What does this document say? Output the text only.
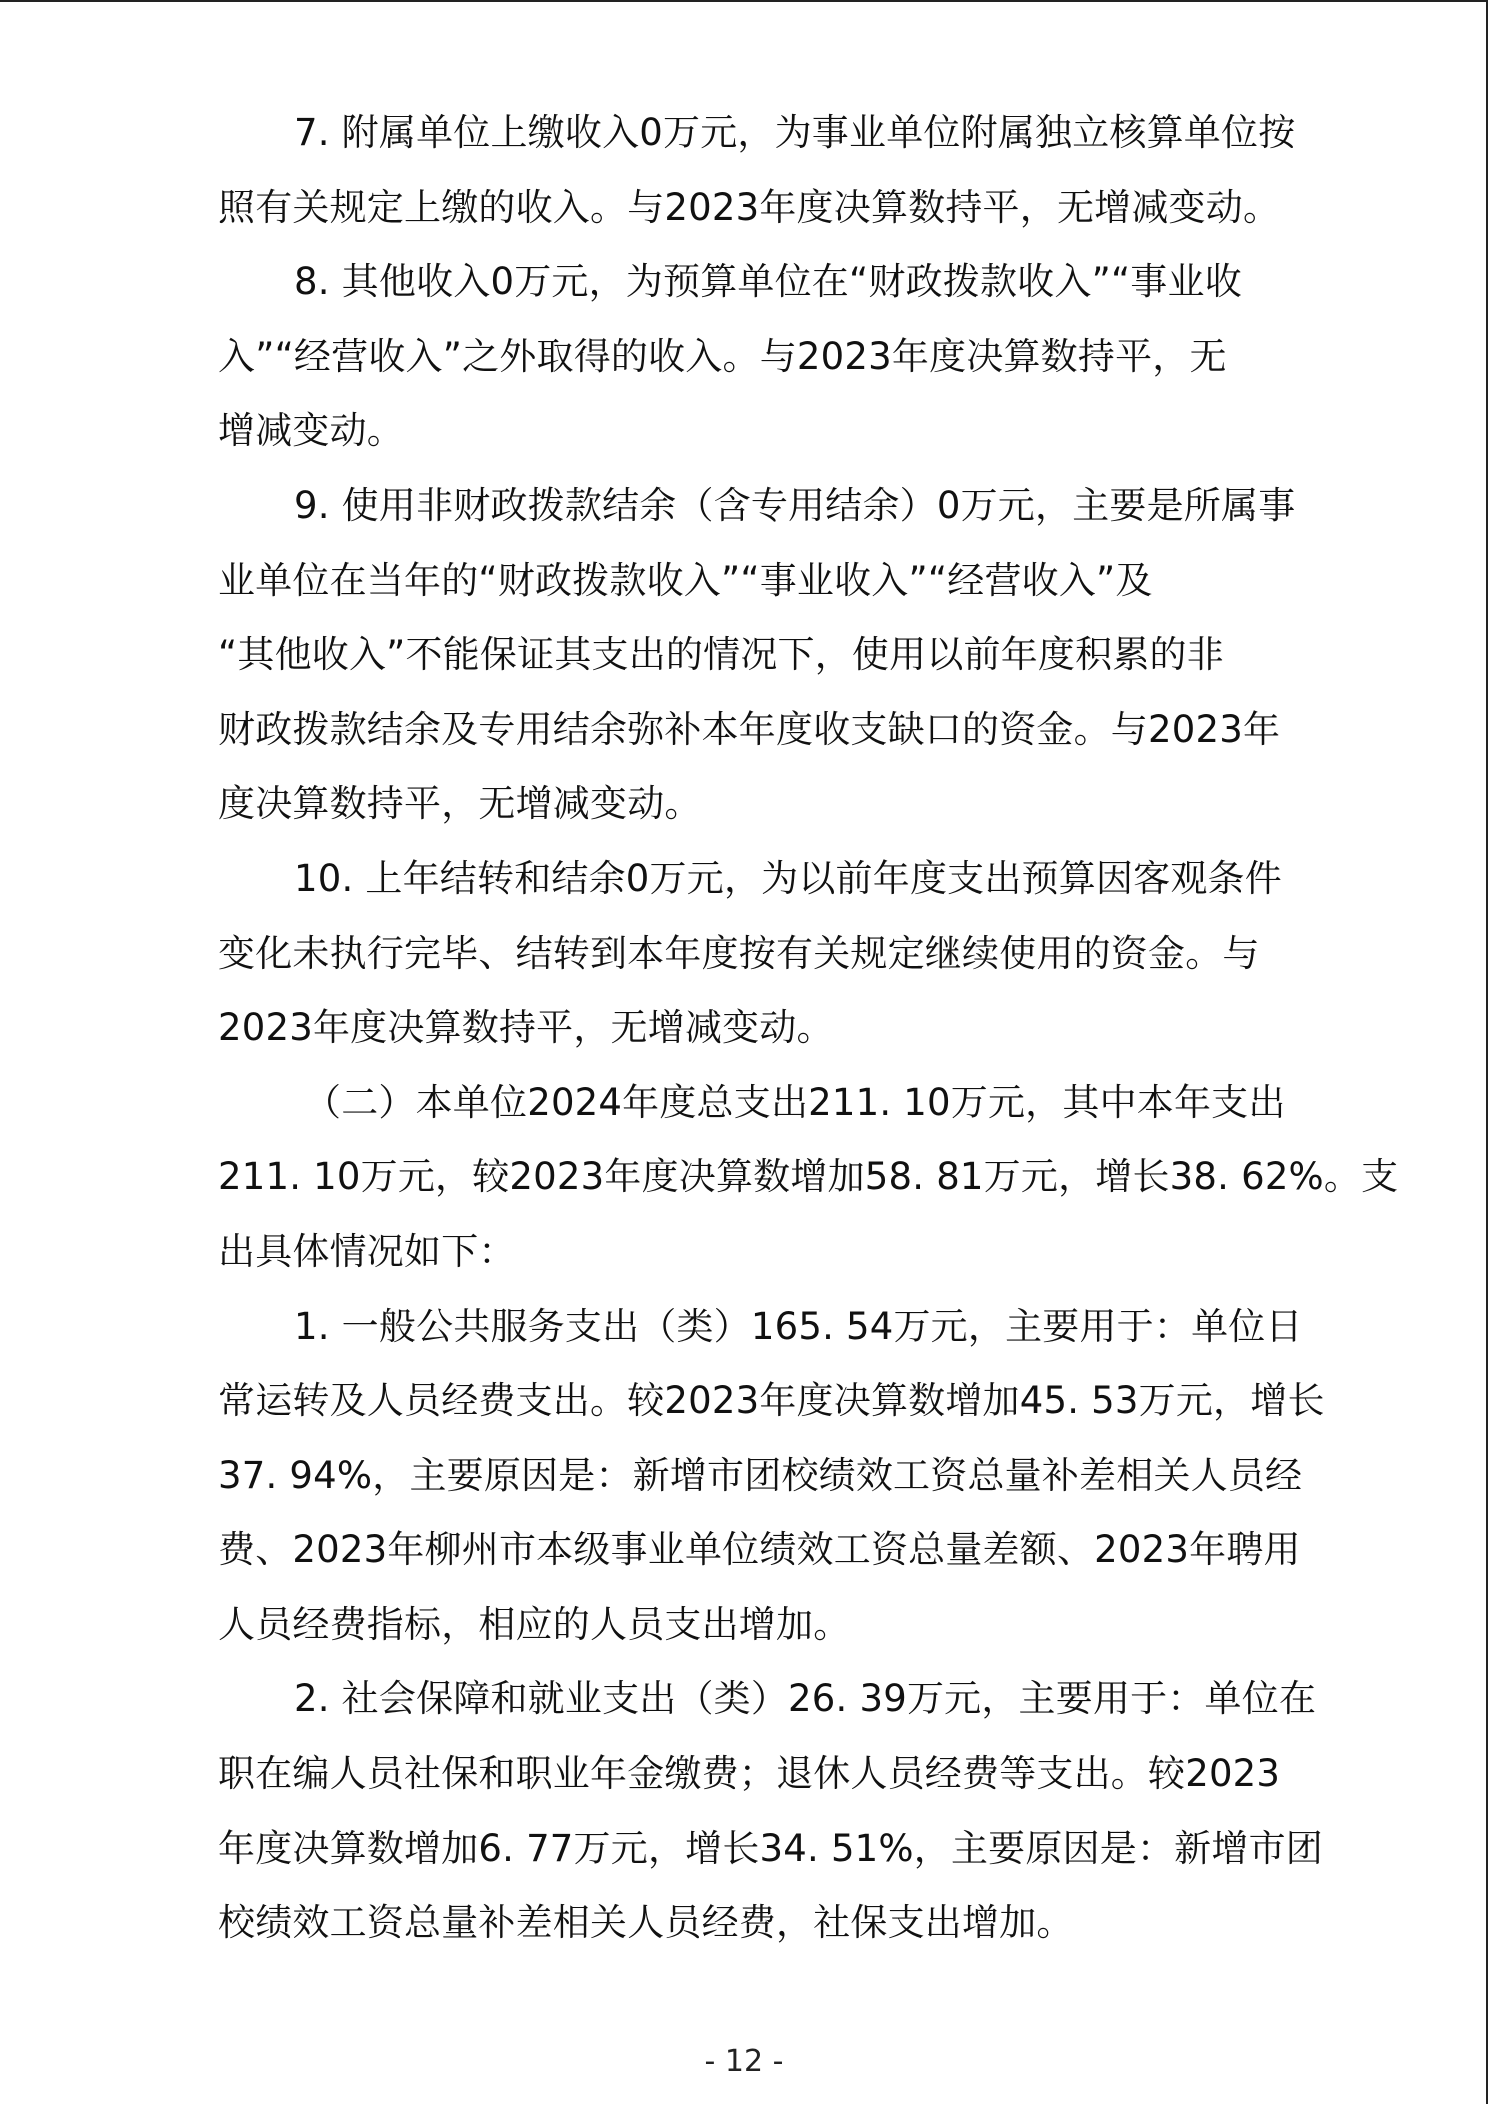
7. 附属单位上缴收入0万元，为事业单位附属独立核算单位按
照有关规定上缴的收入。与2023年度决算数持平，无增减变动。
8. 其他收入0万元，为预算单位在“财政拨款收入”“事业收
入”“经营收入”之外取得的收入。与2023年度决算数持平，无
增减变动。
9. 使用非财政拨款结余（含专用结余）0万元，主要是所属事
业单位在当年的“财政拨款收入”“事业收入”“经营收入”及
“其他收入”不能保证其支出的情况下，使用以前年度积累的非
财政拨款结余及专用结余弥补本年度收支缺口的资金。与2023年
度决算数持平，无增减变动。
10. 上年结转和结余0万元，为以前年度支出预算因客观条件
变化未执行完毕、结转到本年度按有关规定继续使用的资金。与
2023年度决算数持平，无增减变动。
（二）本单位2024年度总支出211. 10万元，其中本年支出
211. 10万元，较2023年度决算数增加58. 81万元，增长38. 62%。支
出具体情况如下：
1. 一般公共服务支出（类）165. 54万元，主要用于：单位日
常运转及人员经费支出。较2023年度决算数增加45. 53万元，增长
37. 94%，主要原因是：新增市团校绩效工资总量补差相关人员经
费、2023年柳州市本级事业单位绩效工资总量差额、2023年聘用
人员经费指标，相应的人员支出增加。
2. 社会保障和就业支出（类）26. 39万元，主要用于：单位在
职在编人员社保和职业年金缴费；退休人员经费等支出。较2023
年度决算数增加6. 77万元，增长34. 51%，主要原因是：新增市团
校绩效工资总量补差相关人员经费，社保支出增加。
- 12 -
